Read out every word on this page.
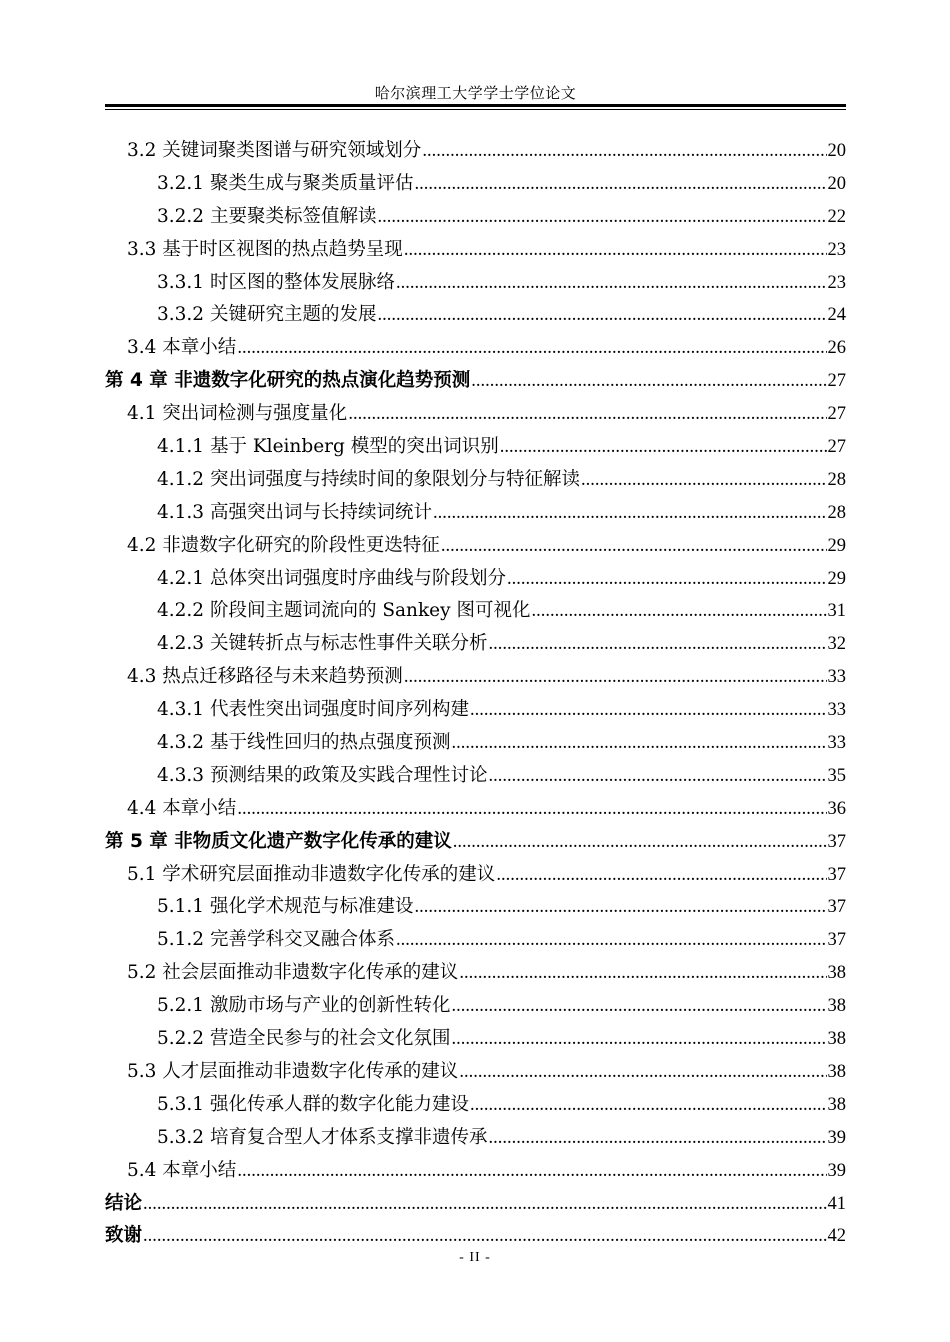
哈尔滨理工大学学士学位论文
3.2 关键词聚类图谱与研究领域划分 .....	20
3.2.1 聚类生成与聚类质量评估 .....	20
3.2.2 主要聚类标签值解读 .....	22
3.3 基于时区视图的热点趋势呈现 .....	23
3.3.1 时区图的整体发展脉络 .....	23
3.3.2 关键研究主题的发展 .....	24
3.4 本章小结 .....	26
第 4 章 非遗数字化研究的热点演化趋势预测 .....	27
4.1 突出词检测与强度量化 .....	27
4.1.1 基于 Kleinberg 模型的突出词识别 .....	27
4.1.2 突出词强度与持续时间的象限划分与特征解读 .....	28
4.1.3 高强突出词与长持续词统计 .....	28
4.2 非遗数字化研究的阶段性更迭特征 .....	29
4.2.1 总体突出词强度时序曲线与阶段划分 .....	29
4.2.2 阶段间主题词流向的 Sankey 图可视化 .....	31
4.2.3 关键转折点与标志性事件关联分析 .....	32
4.3 热点迁移路径与未来趋势预测 .....	33
4.3.1 代表性突出词强度时间序列构建 .....	33
4.3.2 基于线性回归的热点强度预测 .....	33
4.3.3 预测结果的政策及实践合理性讨论 .....	35
4.4 本章小结 .....	36
第 5 章 非物质文化遗产数字化传承的建议 .....	37
5.1 学术研究层面推动非遗数字化传承的建议 .....	37
5.1.1 强化学术规范与标准建设 .....	37
5.1.2 完善学科交叉融合体系 .....	37
5.2 社会层面推动非遗数字化传承的建议 .....	38
5.2.1 激励市场与产业的创新性转化 .....	38
5.2.2 营造全民参与的社会文化氛围 .....	38
5.3 人才层面推动非遗数字化传承的建议 .....	38
5.3.1 强化传承人群的数字化能力建设 .....	38
5.3.2 培育复合型人才体系支撑非遗传承 .....	39
5.4 本章小结 .....	39
结论 .....	41
致谢 .....	42
- II -
